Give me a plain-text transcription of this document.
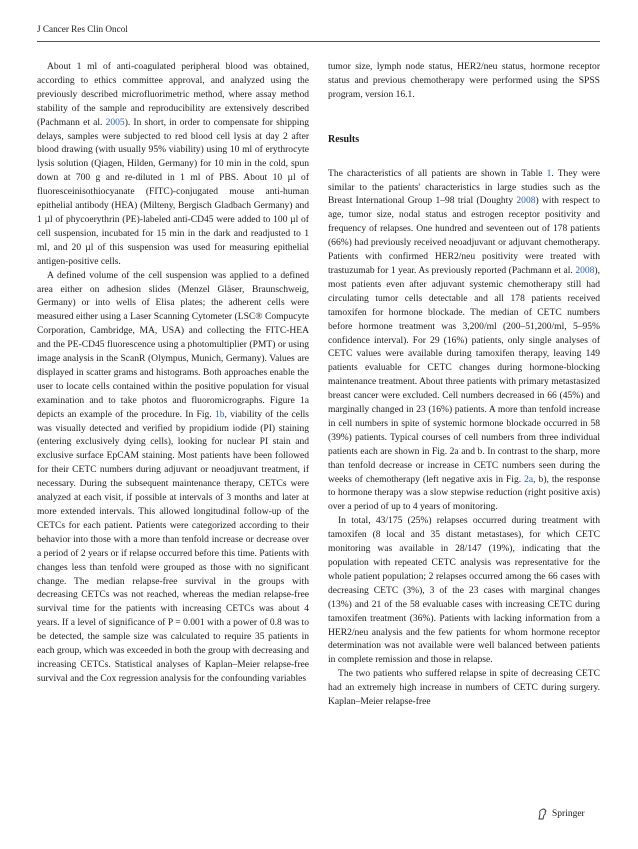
J Cancer Res Clin Oncol

About 1 ml of anti-coagulated peripheral blood was obtained, according to ethics committee approval, and analyzed using the previously described microfluorimetric method, where assay method stability of the sample and reproducibility are extensively described (Pachmann et al. 2005). In short, in order to compensate for shipping delays, samples were subjected to red blood cell lysis at day 2 after blood drawing (with usually 95% viability) using 10 ml of erythrocyte lysis solution (Qiagen, Hilden, Germany) for 10 min in the cold, spun down at 700 g and re-diluted in 1 ml of PBS. About 10 µl of fluoresceinisothiocyanate (FITC)-conjugated mouse anti-human epithelial antibody (HEA) (Milteny, Bergisch Gladbach Germany) and 1 µl of phycoerythrin (PE)-labeled anti-CD45 were added to 100 µl of cell suspension, incubated for 15 min in the dark and readjusted to 1 ml, and 20 µl of this suspension was used for measuring epithelial antigen-positive cells.

A defined volume of the cell suspension was applied to a defined area either on adhesion slides (Menzel Gläser, Braunschweig, Germany) or into wells of Elisa plates; the adherent cells were measured either using a Laser Scanning Cytometer (LSC® Compucyte Corporation, Cambridge, MA, USA) and collecting the FITC-HEA and the PE-CD45 fluorescence using a photomultiplier (PMT) or using image analysis in the ScanR (Olympus, Munich, Germany). Values are displayed in scatter grams and histograms. Both approaches enable the user to locate cells contained within the positive population for visual examination and to take photos and fluoromicrographs. Figure 1a depicts an example of the procedure. In Fig. 1b, viability of the cells was visually detected and verified by propidium iodide (PI) staining (entering exclusively dying cells), looking for nuclear PI stain and exclusive surface EpCAM staining. Most patients have been followed for their CETC numbers during adjuvant or neoadjuvant treatment, if necessary. During the subsequent maintenance therapy, CETCs were analyzed at each visit, if possible at intervals of 3 months and later at more extended intervals. This allowed longitudinal follow-up of the CETCs for each patient. Patients were categorized according to their behavior into those with a more than tenfold increase or decrease over a period of 2 years or if relapse occurred before this time. Patients with changes less than tenfold were grouped as those with no significant change. The median relapse-free survival in the groups with decreasing CETCs was not reached, whereas the median relapse-free survival time for the patients with increasing CETCs was about 4 years. If a level of significance of P = 0.001 with a power of 0.8 was to be detected, the sample size was calculated to require 35 patients in each group, which was exceeded in both the group with decreasing and increasing CETCs. Statistical analyses of Kaplan–Meier relapse-free survival and the Cox regression analysis for the confounding variables

tumor size, lymph node status, HER2/neu status, hormone receptor status and previous chemotherapy were performed using the SPSS program, version 16.1.

Results

The characteristics of all patients are shown in Table 1. They were similar to the patients' characteristics in large studies such as the Breast International Group 1–98 trial (Doughty 2008) with respect to age, tumor size, nodal status and estrogen receptor positivity and frequency of relapses. One hundred and seventeen out of 178 patients (66%) had previously received neoadjuvant or adjuvant chemotherapy. Patients with confirmed HER2/neu positivity were treated with trastuzumab for 1 year. As previously reported (Pachmann et al. 2008), most patients even after adjuvant systemic chemotherapy still had circulating tumor cells detectable and all 178 patients received tamoxifen for hormone blockade. The median of CETC numbers before hormone treatment was 3,200/ml (200–51,200/ml, 5–95% confidence interval). For 29 (16%) patients, only single analyses of CETC values were available during tamoxifen therapy, leaving 149 patients evaluable for CETC changes during hormone-blocking maintenance treatment. About three patients with primary metastasized breast cancer were excluded. Cell numbers decreased in 66 (45%) and marginally changed in 23 (16%) patients. A more than tenfold increase in cell numbers in spite of systemic hormone blockade occurred in 58 (39%) patients. Typical courses of cell numbers from three individual patients each are shown in Fig. 2a and b. In contrast to the sharp, more than tenfold decrease or increase in CETC numbers seen during the weeks of chemotherapy (left negative axis in Fig. 2a, b), the response to hormone therapy was a slow stepwise reduction (right positive axis) over a period of up to 4 years of monitoring.

In total, 43/175 (25%) relapses occurred during treatment with tamoxifen (8 local and 35 distant metastases), for which CETC monitoring was available in 28/147 (19%), indicating that the population with repeated CETC analysis was representative for the whole patient population; 2 relapses occurred among the 66 cases with decreasing CETC (3%), 3 of the 23 cases with marginal changes (13%) and 21 of the 58 evaluable cases with increasing CETC during tamoxifen treatment (36%). Patients with lacking information from a HER2/neu analysis and the few patients for whom hormone receptor determination was not available were well balanced between patients in complete remission and those in relapse.

The two patients who suffered relapse in spite of decreasing CETC had an extremely high increase in numbers of CETC during surgery. Kaplan–Meier relapse-free

Springer
